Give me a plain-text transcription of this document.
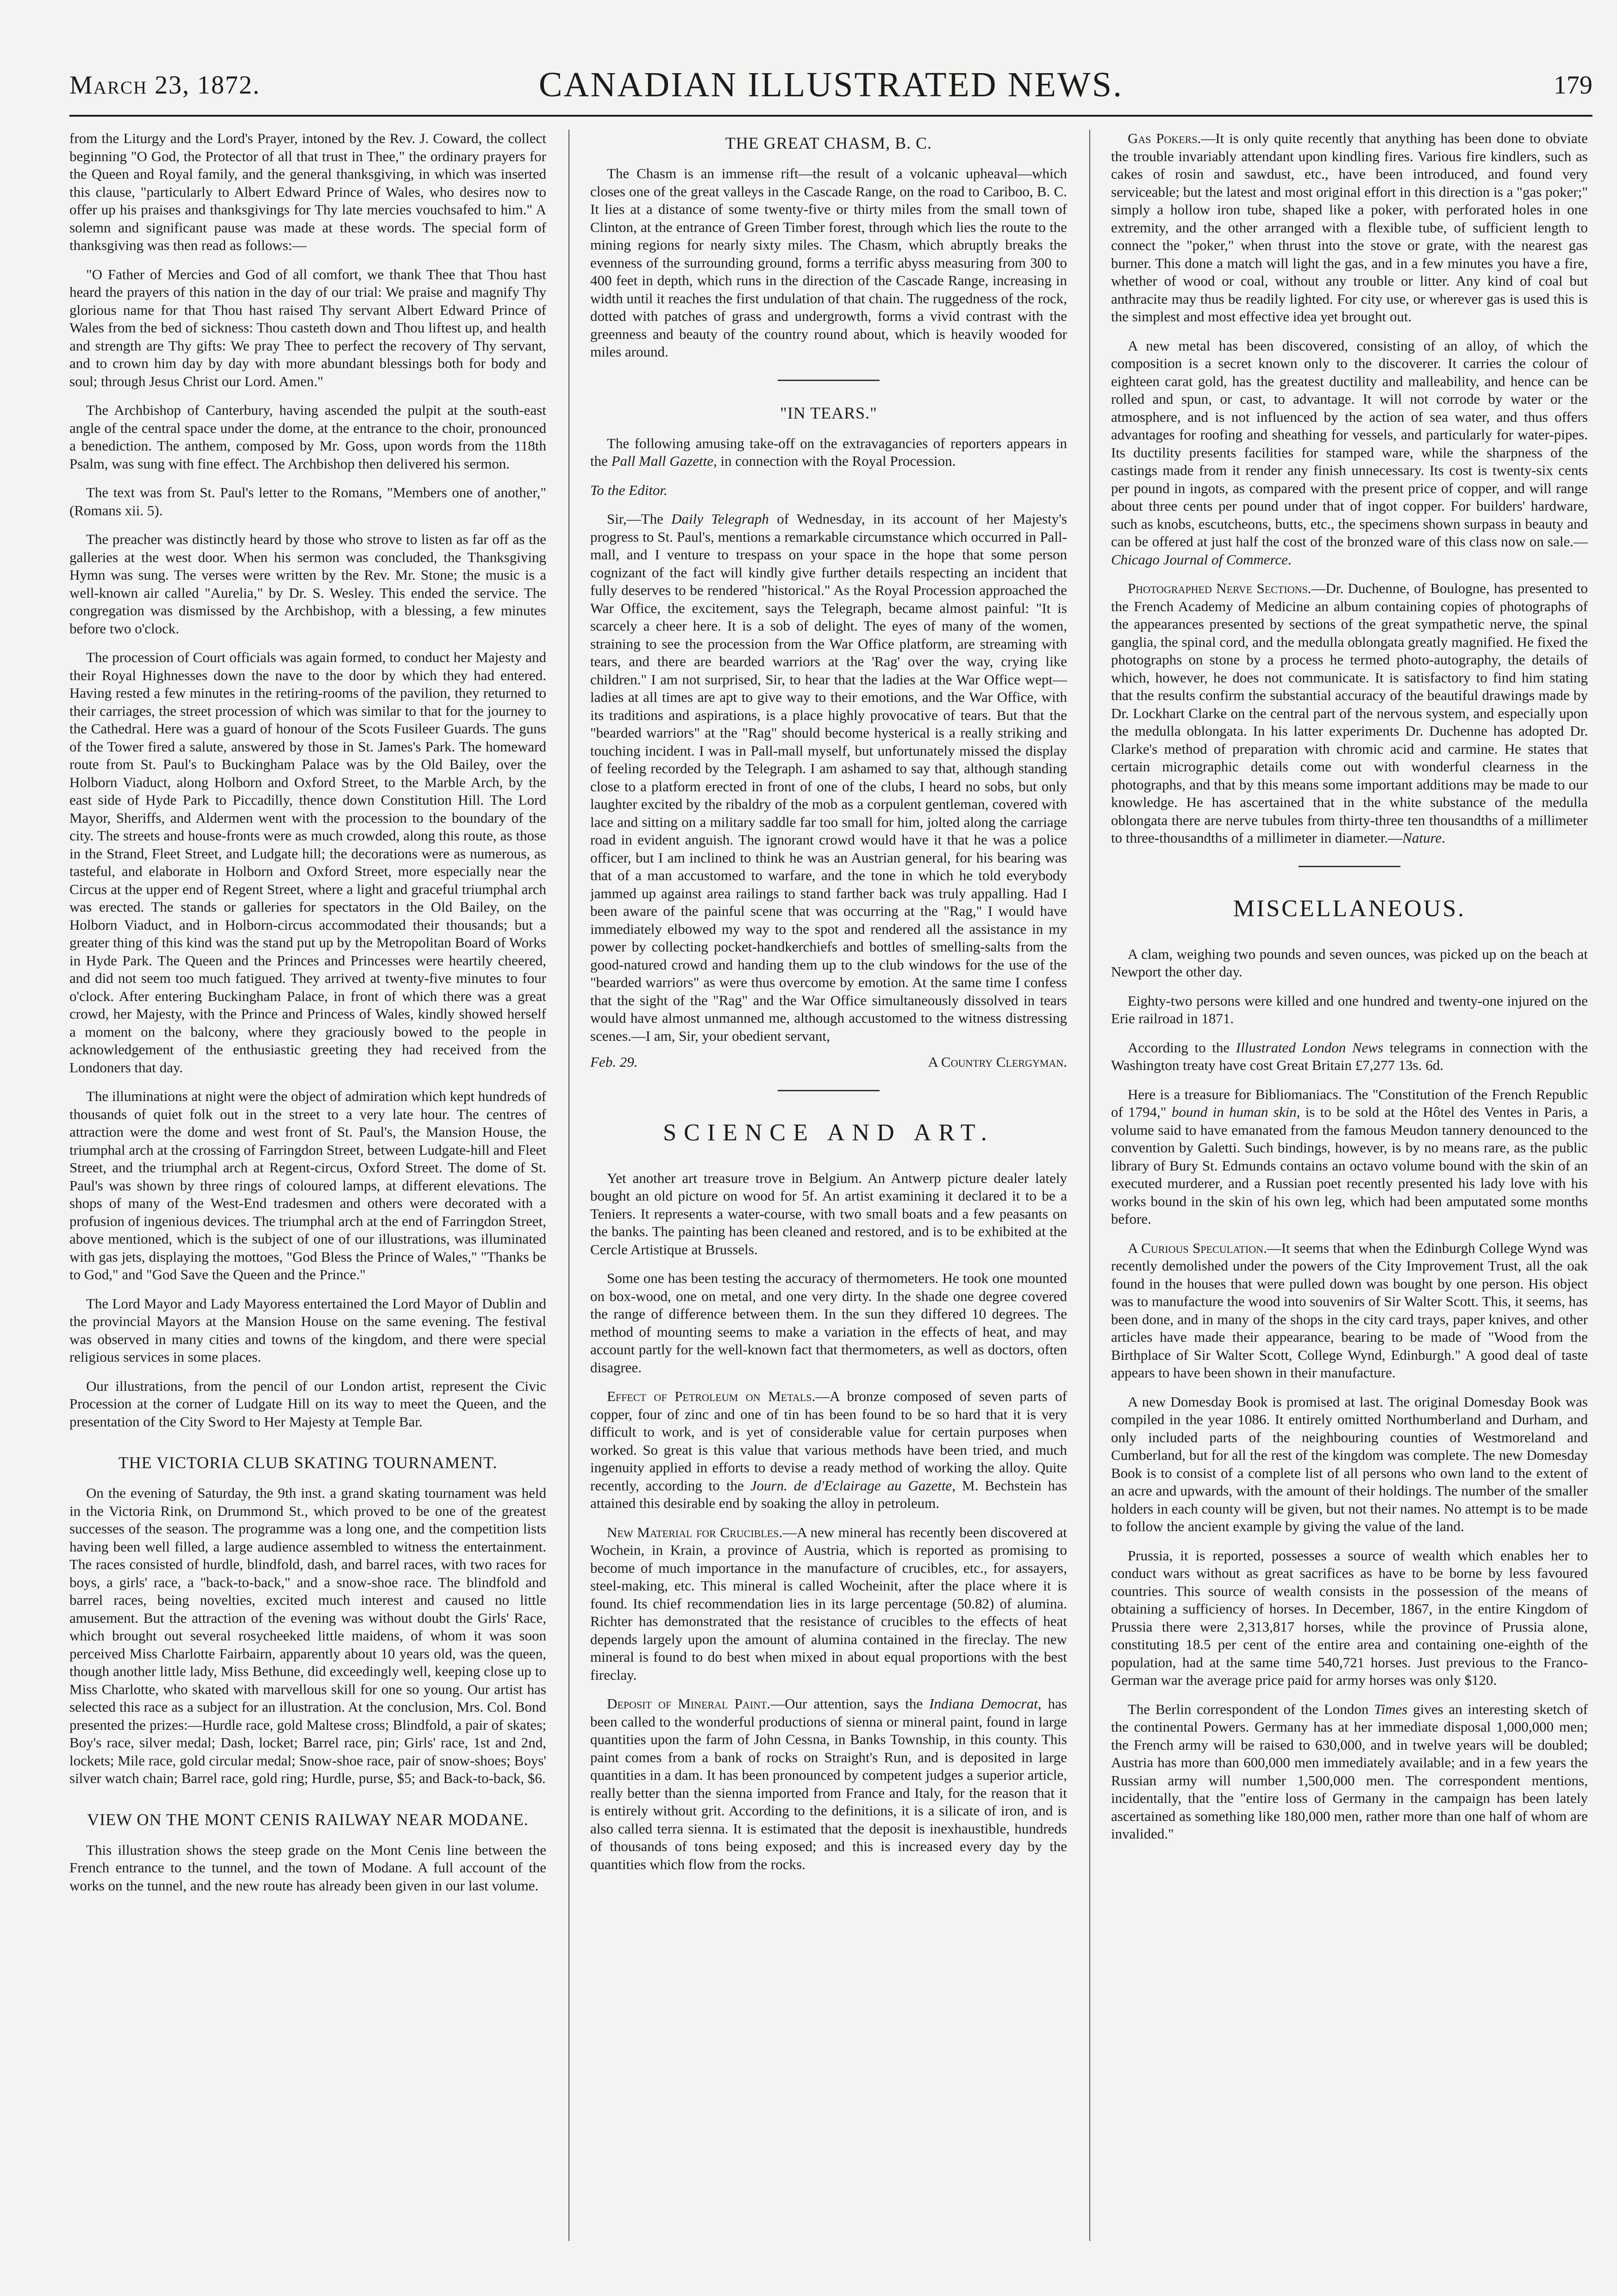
March 23, 1872.	CANADIAN ILLUSTRATED NEWS.	179

from the Liturgy and the Lord's Prayer, intoned by the Rev. J. Coward, the collect beginning "O God, the Protector of all that trust in Thee," the ordinary prayers for the Queen and Royal family, and the general thanksgiving, in which was inserted this clause, "particularly to Albert Edward Prince of Wales, who desires now to offer up his praises and thanksgivings for Thy late mercies vouchsafed to him." A solemn and significant pause was made at these words. The special form of thanksgiving was then read as follows:—

"O Father of Mercies and God of all comfort, we thank Thee that Thou hast heard the prayers of this nation in the day of our trial: We praise and magnify Thy glorious name for that Thou hast raised Thy servant Albert Edward Prince of Wales from the bed of sickness: Thou casteth down and Thou liftest up, and health and strength are Thy gifts: We pray Thee to perfect the recovery of Thy servant, and to crown him day by day with more abundant blessings both for body and soul; through Jesus Christ our Lord. Amen."

The Archbishop of Canterbury, having ascended the pulpit at the south-east angle of the central space under the dome, at the entrance to the choir, pronounced a benediction. The anthem, composed by Mr. Goss, upon words from the 118th Psalm, was sung with fine effect. The Archbishop then delivered his sermon.

The text was from St. Paul's letter to the Romans, "Members one of another," (Romans xii. 5).

The preacher was distinctly heard by those who strove to listen as far off as the galleries at the west door. When his sermon was concluded, the Thanksgiving Hymn was sung. The verses were written by the Rev. Mr. Stone; the music is a well-known air called "Aurelia," by Dr. S. Wesley. This ended the service. The congregation was dismissed by the Archbishop, with a blessing, a few minutes before two o'clock.

The procession of Court officials was again formed, to conduct her Majesty and their Royal Highnesses down the nave to the door by which they had entered. Having rested a few minutes in the retiring-rooms of the pavilion, they returned to their carriages, the street procession of which was similar to that for the journey to the Cathedral. Here was a guard of honour of the Scots Fusileer Guards. The guns of the Tower fired a salute, answered by those in St. James's Park. The homeward route from St. Paul's to Buckingham Palace was by the Old Bailey, over the Holborn Viaduct, along Holborn and Oxford Street, to the Marble Arch, by the east side of Hyde Park to Piccadilly, thence down Constitution Hill. The Lord Mayor, Sheriffs, and Aldermen went with the procession to the boundary of the city. The streets and house-fronts were as much crowded, along this route, as those in the Strand, Fleet Street, and Ludgate hill; the decorations were as numerous, as tasteful, and elaborate in Holborn and Oxford Street, more especially near the Circus at the upper end of Regent Street, where a light and graceful triumphal arch was erected. The stands or galleries for spectators in the Old Bailey, on the Holborn Viaduct, and in Holborn-circus accommodated their thousands; but a greater thing of this kind was the stand put up by the Metropolitan Board of Works in Hyde Park. The Queen and the Princes and Princesses were heartily cheered, and did not seem too much fatigued. They arrived at twenty-five minutes to four o'clock. After entering Buckingham Palace, in front of which there was a great crowd, her Majesty, with the Prince and Princess of Wales, kindly showed herself a moment on the balcony, where they graciously bowed to the people in acknowledgement of the enthusiastic greeting they had received from the Londoners that day.

The illuminations at night were the object of admiration which kept hundreds of thousands of quiet folk out in the street to a very late hour. The centres of attraction were the dome and west front of St. Paul's, the Mansion House, the triumphal arch at the crossing of Farringdon Street, between Ludgate-hill and Fleet Street, and the triumphal arch at Regent-circus, Oxford Street. The dome of St. Paul's was shown by three rings of coloured lamps, at different elevations. The shops of many of the West-End tradesmen and others were decorated with a profusion of ingenious devices. The triumphal arch at the end of Farringdon Street, above mentioned, which is the subject of one of our illustrations, was illuminated with gas jets, displaying the mottoes, "God Bless the Prince of Wales," "Thanks be to God," and "God Save the Queen and the Prince."

The Lord Mayor and Lady Mayoress entertained the Lord Mayor of Dublin and the provincial Mayors at the Mansion House on the same evening. The festival was observed in many cities and towns of the kingdom, and there were special religious services in some places.

Our illustrations, from the pencil of our London artist, represent the Civic Procession at the corner of Ludgate Hill on its way to meet the Queen, and the presentation of the City Sword to Her Majesty at Temple Bar.

THE VICTORIA CLUB SKATING TOURNAMENT.

On the evening of Saturday, the 9th inst. a grand skating tournament was held in the Victoria Rink, on Drummond St., which proved to be one of the greatest successes of the season. The programme was a long one, and the competition lists having been well filled, a large audience assembled to witness the entertainment. The races consisted of hurdle, blindfold, dash, and barrel races, with two races for boys, a girls' race, a "back-to-back," and a snow-shoe race. The blindfold and barrel races, being novelties, excited much interest and caused no little amusement. But the attraction of the evening was without doubt the Girls' Race, which brought out several rosycheeked little maidens, of whom it was soon perceived Miss Charlotte Fairbairn, apparently about 10 years old, was the queen, though another little lady, Miss Bethune, did exceedingly well, keeping close up to Miss Charlotte, who skated with marvellous skill for one so young. Our artist has selected this race as a subject for an illustration. At the conclusion, Mrs. Col. Bond presented the prizes:—Hurdle race, gold Maltese cross; Blindfold, a pair of skates; Boy's race, silver medal; Dash, locket; Barrel race, pin; Girls' race, 1st and 2nd, lockets; Mile race, gold circular medal; Snow-shoe race, pair of snow-shoes; Boys' silver watch chain; Barrel race, gold ring; Hurdle, purse, $5; and Back-to-back, $6.

VIEW ON THE MONT CENIS RAILWAY NEAR MODANE.

This illustration shows the steep grade on the Mont Cenis line between the French entrance to the tunnel, and the town of Modane. A full account of the works on the tunnel, and the new route has already been given in our last volume.

THE GREAT CHASM, B. C.

The Chasm is an immense rift—the result of a volcanic upheaval—which closes one of the great valleys in the Cascade Range, on the road to Cariboo, B. C. It lies at a distance of some twenty-five or thirty miles from the small town of Clinton, at the entrance of Green Timber forest, through which lies the route to the mining regions for nearly sixty miles. The Chasm, which abruptly breaks the evenness of the surrounding ground, forms a terrific abyss measuring from 300 to 400 feet in depth, which runs in the direction of the Cascade Range, increasing in width until it reaches the first undulation of that chain. The ruggedness of the rock, dotted with patches of grass and undergrowth, forms a vivid contrast with the greenness and beauty of the country round about, which is heavily wooded for miles around.

"IN TEARS."

The following amusing take-off on the extravagancies of reporters appears in the Pall Mall Gazette, in connection with the Royal Procession.

To the Editor.

Sir,—The Daily Telegraph of Wednesday, in its account of her Majesty's progress to St. Paul's, mentions a remarkable circumstance which occurred in Pall-mall, and I venture to trespass on your space in the hope that some person cognizant of the fact will kindly give further details respecting an incident that fully deserves to be rendered "historical." As the Royal Procession approached the War Office, the excitement, says the Telegraph, became almost painful: "It is scarcely a cheer here. It is a sob of delight. The eyes of many of the women, straining to see the procession from the War Office platform, are streaming with tears, and there are bearded warriors at the 'Rag' over the way, crying like children." I am not surprised, Sir, to hear that the ladies at the War Office wept—ladies at all times are apt to give way to their emotions, and the War Office, with its traditions and aspirations, is a place highly provocative of tears. But that the "bearded warriors" at the "Rag" should become hysterical is a really striking and touching incident. I was in Pall-mall myself, but unfortunately missed the display of feeling recorded by the Telegraph. I am ashamed to say that, although standing close to a platform erected in front of one of the clubs, I heard no sobs, but only laughter excited by the ribaldry of the mob as a corpulent gentleman, covered with lace and sitting on a military saddle far too small for him, jolted along the carriage road in evident anguish. The ignorant crowd would have it that he was a police officer, but I am inclined to think he was an Austrian general, for his bearing was that of a man accustomed to warfare, and the tone in which he told everybody jammed up against area railings to stand farther back was truly appalling. Had I been aware of the painful scene that was occurring at the "Rag," I would have immediately elbowed my way to the spot and rendered all the assistance in my power by collecting pocket-handkerchiefs and bottles of smelling-salts from the good-natured crowd and handing them up to the club windows for the use of the "bearded warriors" as were thus overcome by emotion. At the same time I confess that the sight of the "Rag" and the War Office simultaneously dissolved in tears would have almost unmanned me, although accustomed to the witness distressing scenes.—I am, Sir, your obedient servant,

Feb. 29.	A Country Clergyman.

SCIENCE AND ART.

Yet another art treasure trove in Belgium. An Antwerp picture dealer lately bought an old picture on wood for 5f. An artist examining it declared it to be a Teniers. It represents a water-course, with two small boats and a few peasants on the banks. The painting has been cleaned and restored, and is to be exhibited at the Cercle Artistique at Brussels.

Some one has been testing the accuracy of thermometers. He took one mounted on box-wood, one on metal, and one very dirty. In the shade one degree covered the range of difference between them. In the sun they differed 10 degrees. The method of mounting seems to make a variation in the effects of heat, and may account partly for the well-known fact that thermometers, as well as doctors, often disagree.

Effect of Petroleum on Metals.—A bronze composed of seven parts of copper, four of zinc and one of tin has been found to be so hard that it is very difficult to work, and is yet of considerable value for certain purposes when worked. So great is this value that various methods have been tried, and much ingenuity applied in efforts to devise a ready method of working the alloy. Quite recently, according to the Journ. de d'Eclairage au Gazette, M. Bechstein has attained this desirable end by soaking the alloy in petroleum.

New Material for Crucibles.—A new mineral has recently been discovered at Wochein, in Krain, a province of Austria, which is reported as promising to become of much importance in the manufacture of crucibles, etc., for assayers, steel-making, etc. This mineral is called Wocheinit, after the place where it is found. Its chief recommendation lies in its large percentage (50.82) of alumina. Richter has demonstrated that the resistance of crucibles to the effects of heat depends largely upon the amount of alumina contained in the fireclay. The new mineral is found to do best when mixed in about equal proportions with the best fireclay.

Deposit of Mineral Paint.—Our attention, says the Indiana Democrat, has been called to the wonderful productions of sienna or mineral paint, found in large quantities upon the farm of John Cessna, in Banks Township, in this county. This paint comes from a bank of rocks on Straight's Run, and is deposited in large quantities in a dam. It has been pronounced by competent judges a superior article, really better than the sienna imported from France and Italy, for the reason that it is entirely without grit. According to the definitions, it is a silicate of iron, and is also called terra sienna. It is estimated that the deposit is inexhaustible, hundreds of thousands of tons being exposed; and this is increased every day by the quantities which flow from the rocks.

Gas Pokers.—It is only quite recently that anything has been done to obviate the trouble invariably attendant upon kindling fires. Various fire kindlers, such as cakes of rosin and sawdust, etc., have been introduced, and found very serviceable; but the latest and most original effort in this direction is a "gas poker;" simply a hollow iron tube, shaped like a poker, with perforated holes in one extremity, and the other arranged with a flexible tube, of sufficient length to connect the "poker," when thrust into the stove or grate, with the nearest gas burner. This done a match will light the gas, and in a few minutes you have a fire, whether of wood or coal, without any trouble or litter. Any kind of coal but anthracite may thus be readily lighted. For city use, or wherever gas is used this is the simplest and most effective idea yet brought out.

A new metal has been discovered, consisting of an alloy, of which the composition is a secret known only to the discoverer. It carries the colour of eighteen carat gold, has the greatest ductility and malleability, and hence can be rolled and spun, or cast, to advantage. It will not corrode by water or the atmosphere, and is not influenced by the action of sea water, and thus offers advantages for roofing and sheathing for vessels, and particularly for water-pipes. Its ductility presents facilities for stamped ware, while the sharpness of the castings made from it render any finish unnecessary. Its cost is twenty-six cents per pound in ingots, as compared with the present price of copper, and will range about three cents per pound under that of ingot copper. For builders' hardware, such as knobs, escutcheons, butts, etc., the specimens shown surpass in beauty and can be offered at just half the cost of the bronzed ware of this class now on sale.—Chicago Journal of Commerce.

Photographed Nerve Sections.—Dr. Duchenne, of Boulogne, has presented to the French Academy of Medicine an album containing copies of photographs of the appearances presented by sections of the great sympathetic nerve, the spinal ganglia, the spinal cord, and the medulla oblongata greatly magnified. He fixed the photographs on stone by a process he termed photo-autography, the details of which, however, he does not communicate. It is satisfactory to find him stating that the results confirm the substantial accuracy of the beautiful drawings made by Dr. Lockhart Clarke on the central part of the nervous system, and especially upon the medulla oblongata. In his latter experiments Dr. Duchenne has adopted Dr. Clarke's method of preparation with chromic acid and carmine. He states that certain micrographic details come out with wonderful clearness in the photographs, and that by this means some important additions may be made to our knowledge. He has ascertained that in the white substance of the medulla oblongata there are nerve tubules from thirty-three ten thousandths of a millimeter to three-thousandths of a millimeter in diameter.—Nature.

MISCELLANEOUS.

A clam, weighing two pounds and seven ounces, was picked up on the beach at Newport the other day.

Eighty-two persons were killed and one hundred and twenty-one injured on the Erie railroad in 1871.

According to the Illustrated London News telegrams in connection with the Washington treaty have cost Great Britain £7,277 13s. 6d.

Here is a treasure for Bibliomaniacs. The "Constitution of the French Republic of 1794," bound in human skin, is to be sold at the Hôtel des Ventes in Paris, a volume said to have emanated from the famous Meudon tannery denounced to the convention by Galetti. Such bindings, however, is by no means rare, as the public library of Bury St. Edmunds contains an octavo volume bound with the skin of an executed murderer, and a Russian poet recently presented his lady love with his works bound in the skin of his own leg, which had been amputated some months before.

A Curious Speculation.—It seems that when the Edinburgh College Wynd was recently demolished under the powers of the City Improvement Trust, all the oak found in the houses that were pulled down was bought by one person. His object was to manufacture the wood into souvenirs of Sir Walter Scott. This, it seems, has been done, and in many of the shops in the city card trays, paper knives, and other articles have made their appearance, bearing to be made of "Wood from the Birthplace of Sir Walter Scott, College Wynd, Edinburgh." A good deal of taste appears to have been shown in their manufacture.

A new Domesday Book is promised at last. The original Domesday Book was compiled in the year 1086. It entirely omitted Northumberland and Durham, and only included parts of the neighbouring counties of Westmoreland and Cumberland, but for all the rest of the kingdom was complete. The new Domesday Book is to consist of a complete list of all persons who own land to the extent of an acre and upwards, with the amount of their holdings. The number of the smaller holders in each county will be given, but not their names. No attempt is to be made to follow the ancient example by giving the value of the land.

Prussia, it is reported, possesses a source of wealth which enables her to conduct wars without as great sacrifices as have to be borne by less favoured countries. This source of wealth consists in the possession of the means of obtaining a sufficiency of horses. In December, 1867, in the entire Kingdom of Prussia there were 2,313,817 horses, while the province of Prussia alone, constituting 18.5 per cent of the entire area and containing one-eighth of the population, had at the same time 540,721 horses. Just previous to the Franco-German war the average price paid for army horses was only $120.

The Berlin correspondent of the London Times gives an interesting sketch of the continental Powers. Germany has at her immediate disposal 1,000,000 men; the French army will be raised to 630,000, and in twelve years will be doubled; Austria has more than 600,000 men immediately available; and in a few years the Russian army will number 1,500,000 men. The correspondent mentions, incidentally, that the "entire loss of Germany in the campaign has been lately ascertained as something like 180,000 men, rather more than one half of whom are invalided."
